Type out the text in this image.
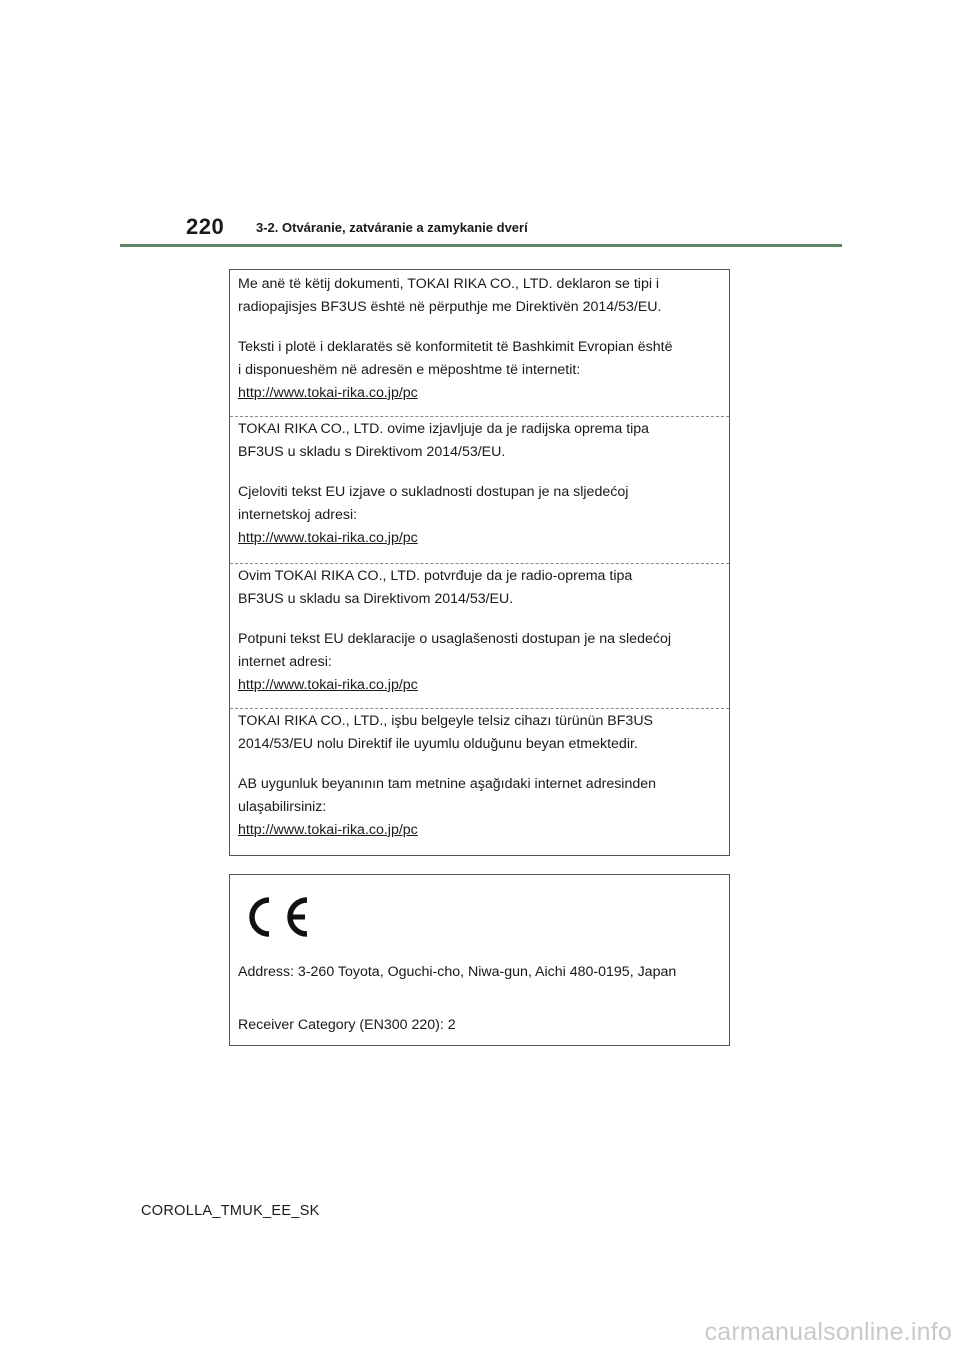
220 3-2. Otváranie, zatváranie a zamykanie dverí

Me anë të këtij dokumenti, TOKAI RIKA CO., LTD. deklaron se tipi i

radiopajisjes BF3US është në përputhje me Direktivën 2014/53/EU.

Teksti i plotë i deklaratës së konformitetit të Bashkimit Evropian është

i disponueshëm në adresën e mëposhtme të internetit:

http://www.tokai-rika.co.jp/pc

TOKAI RIKA CO., LTD. ovime izjavljuje da je radijska oprema tipa

BF3US u skladu s Direktivom 2014/53/EU.

Cjeloviti tekst EU izjave o sukladnosti dostupan je na sljedećoj

internetskoj adresi:

http://www.tokai-rika.co.jp/pc

Ovim TOKAI RIKA CO., LTD. potvrđuje da je radio-oprema tipa

BF3US u skladu sa Direktivom 2014/53/EU.

Potpuni tekst EU deklaracije o usaglašenosti dostupan je na sledećoj

internet adresi:

http://www.tokai-rika.co.jp/pc

TOKAI RIKA CO., LTD., işbu belgeyle telsiz cihazı türünün BF3US

2014/53/EU nolu Direktif ile uyumlu olduğunu beyan etmektedir.

AB uygunluk beyanının tam metnine aşağıdaki internet adresinden

ulaşabilirsiniz:

http://www.tokai-rika.co.jp/pc

Address: 3-260 Toyota, Oguchi-cho, Niwa-gun, Aichi 480-0195, Japan
Receiver Category (EN300 220): 2
COROLLA_TMUK_EE_SK
carmanualsonline.info
